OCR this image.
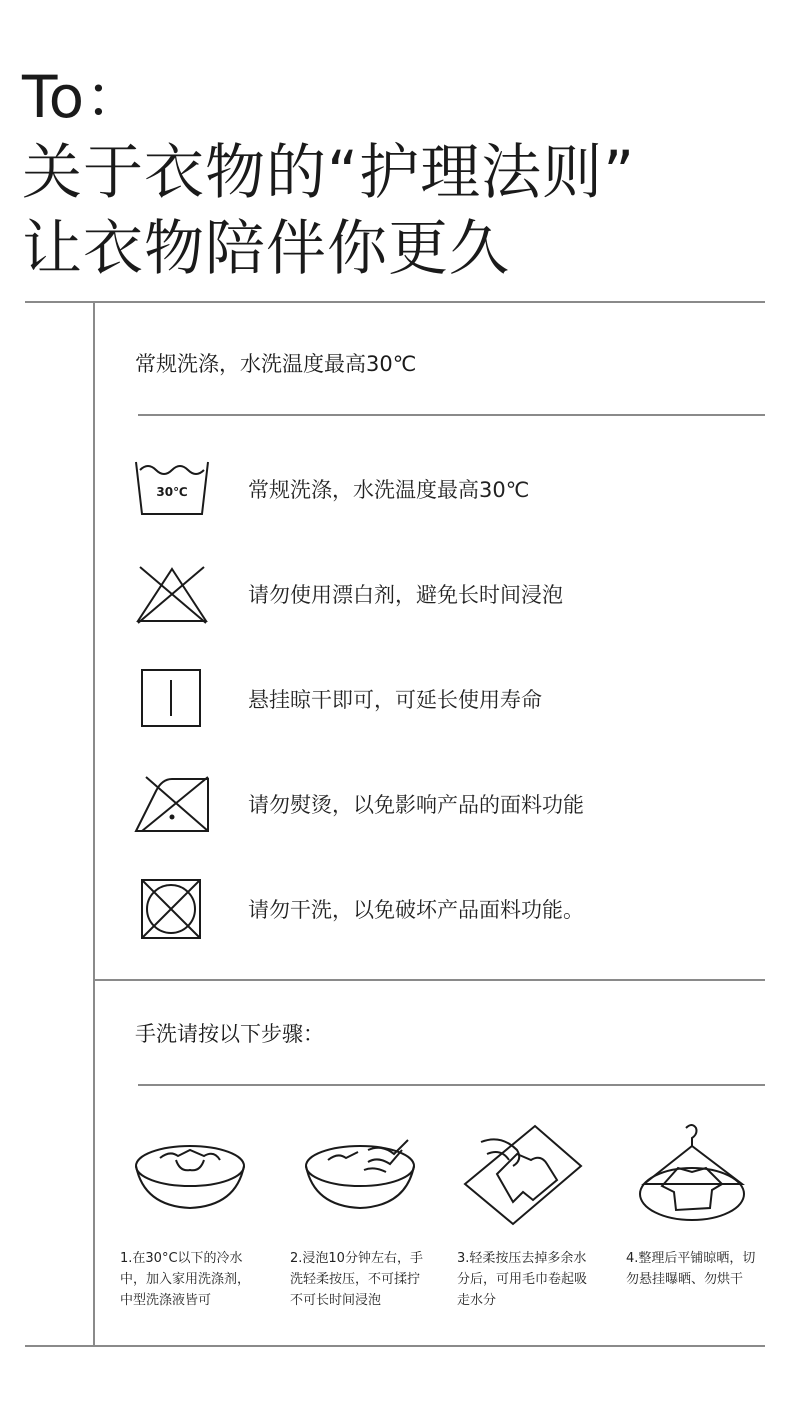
To：
关于衣物的“护理法则”
让衣物陪伴你更久
常规洗涤，水洗温度最高30℃
30℃	常规洗涤，水洗温度最高30℃
请勿使用漂白剂，避免长时间浸泡
悬挂晾干即可，可延长使用寿命
请勿熨烫，以免影响产品的面料功能
请勿干洗，以免破坏产品面料功能。
手洗请按以下步骤：
1.在30°C以下的冷水中，加入家用洗涤剂，中型洗涤液皆可
2.浸泡10分钟左右，手洗轻柔按压，不可揉拧不可长时间浸泡
3.轻柔按压去掉多余水分后，可用毛巾卷起吸走水分
4.整理后平铺晾晒，切勿悬挂曝晒、勿烘干
